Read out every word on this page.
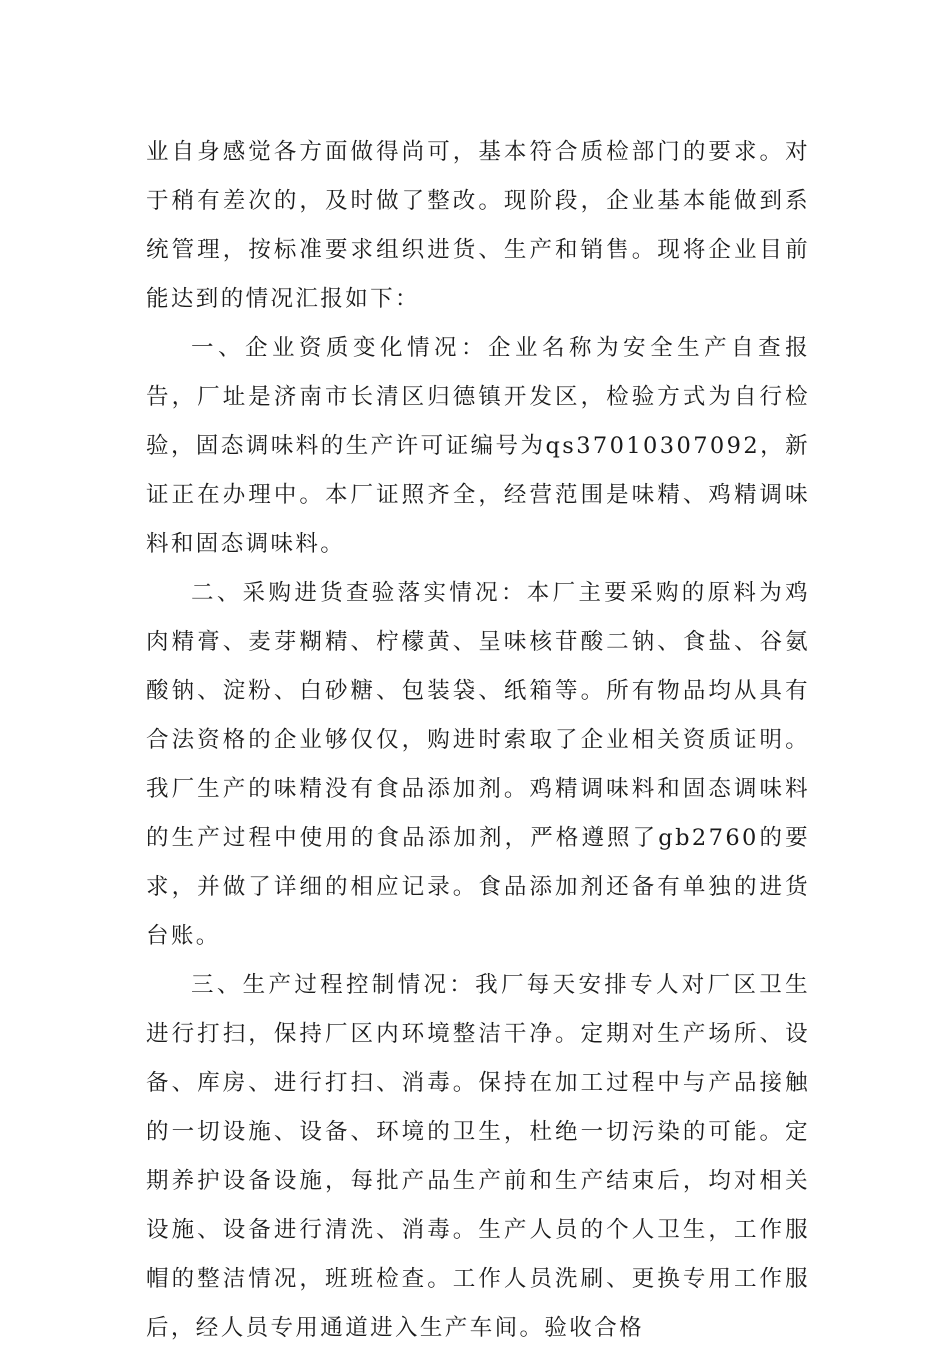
业自身感觉各方面做得尚可，基本符合质检部门的要求。对于稍有差次的，及时做了整改。现阶段，企业基本能做到系统管理，按标准要求组织进货、生产和销售。现将企业目前能达到的情况汇报如下：

一、企业资质变化情况：企业名称为安全生产自查报告，厂址是济南市长清区归德镇开发区，检验方式为自行检验，固态调味料的生产许可证编号为qs37010307092，新证正在办理中。本厂证照齐全，经营范围是味精、鸡精调味料和固态调味料。

二、采购进货查验落实情况：本厂主要采购的原料为鸡肉精膏、麦芽糊精、柠檬黄、呈味核苷酸二钠、食盐、谷氨酸钠、淀粉、白砂糖、包装袋、纸箱等。所有物品均从具有合法资格的企业够仅仅，购进时索取了企业相关资质证明。我厂生产的味精没有食品添加剂。鸡精调味料和固态调味料的生产过程中使用的食品添加剂，严格遵照了gb2760的要求，并做了详细的相应记录。食品添加剂还备有单独的进货台账。

三、生产过程控制情况：我厂每天安排专人对厂区卫生进行打扫，保持厂区内环境整洁干净。定期对生产场所、设备、库房、进行打扫、消毒。保持在加工过程中与产品接触的一切设施、设备、环境的卫生，杜绝一切污染的可能。定期养护设备设施，每批产品生产前和生产结束后，均对相关设施、设备进行清洗、消毒。生产人员的个人卫生，工作服帽的整洁情况，班班检查。工作人员洗刷、更换专用工作服后，经人员专用通道进入生产车间。验收合格
